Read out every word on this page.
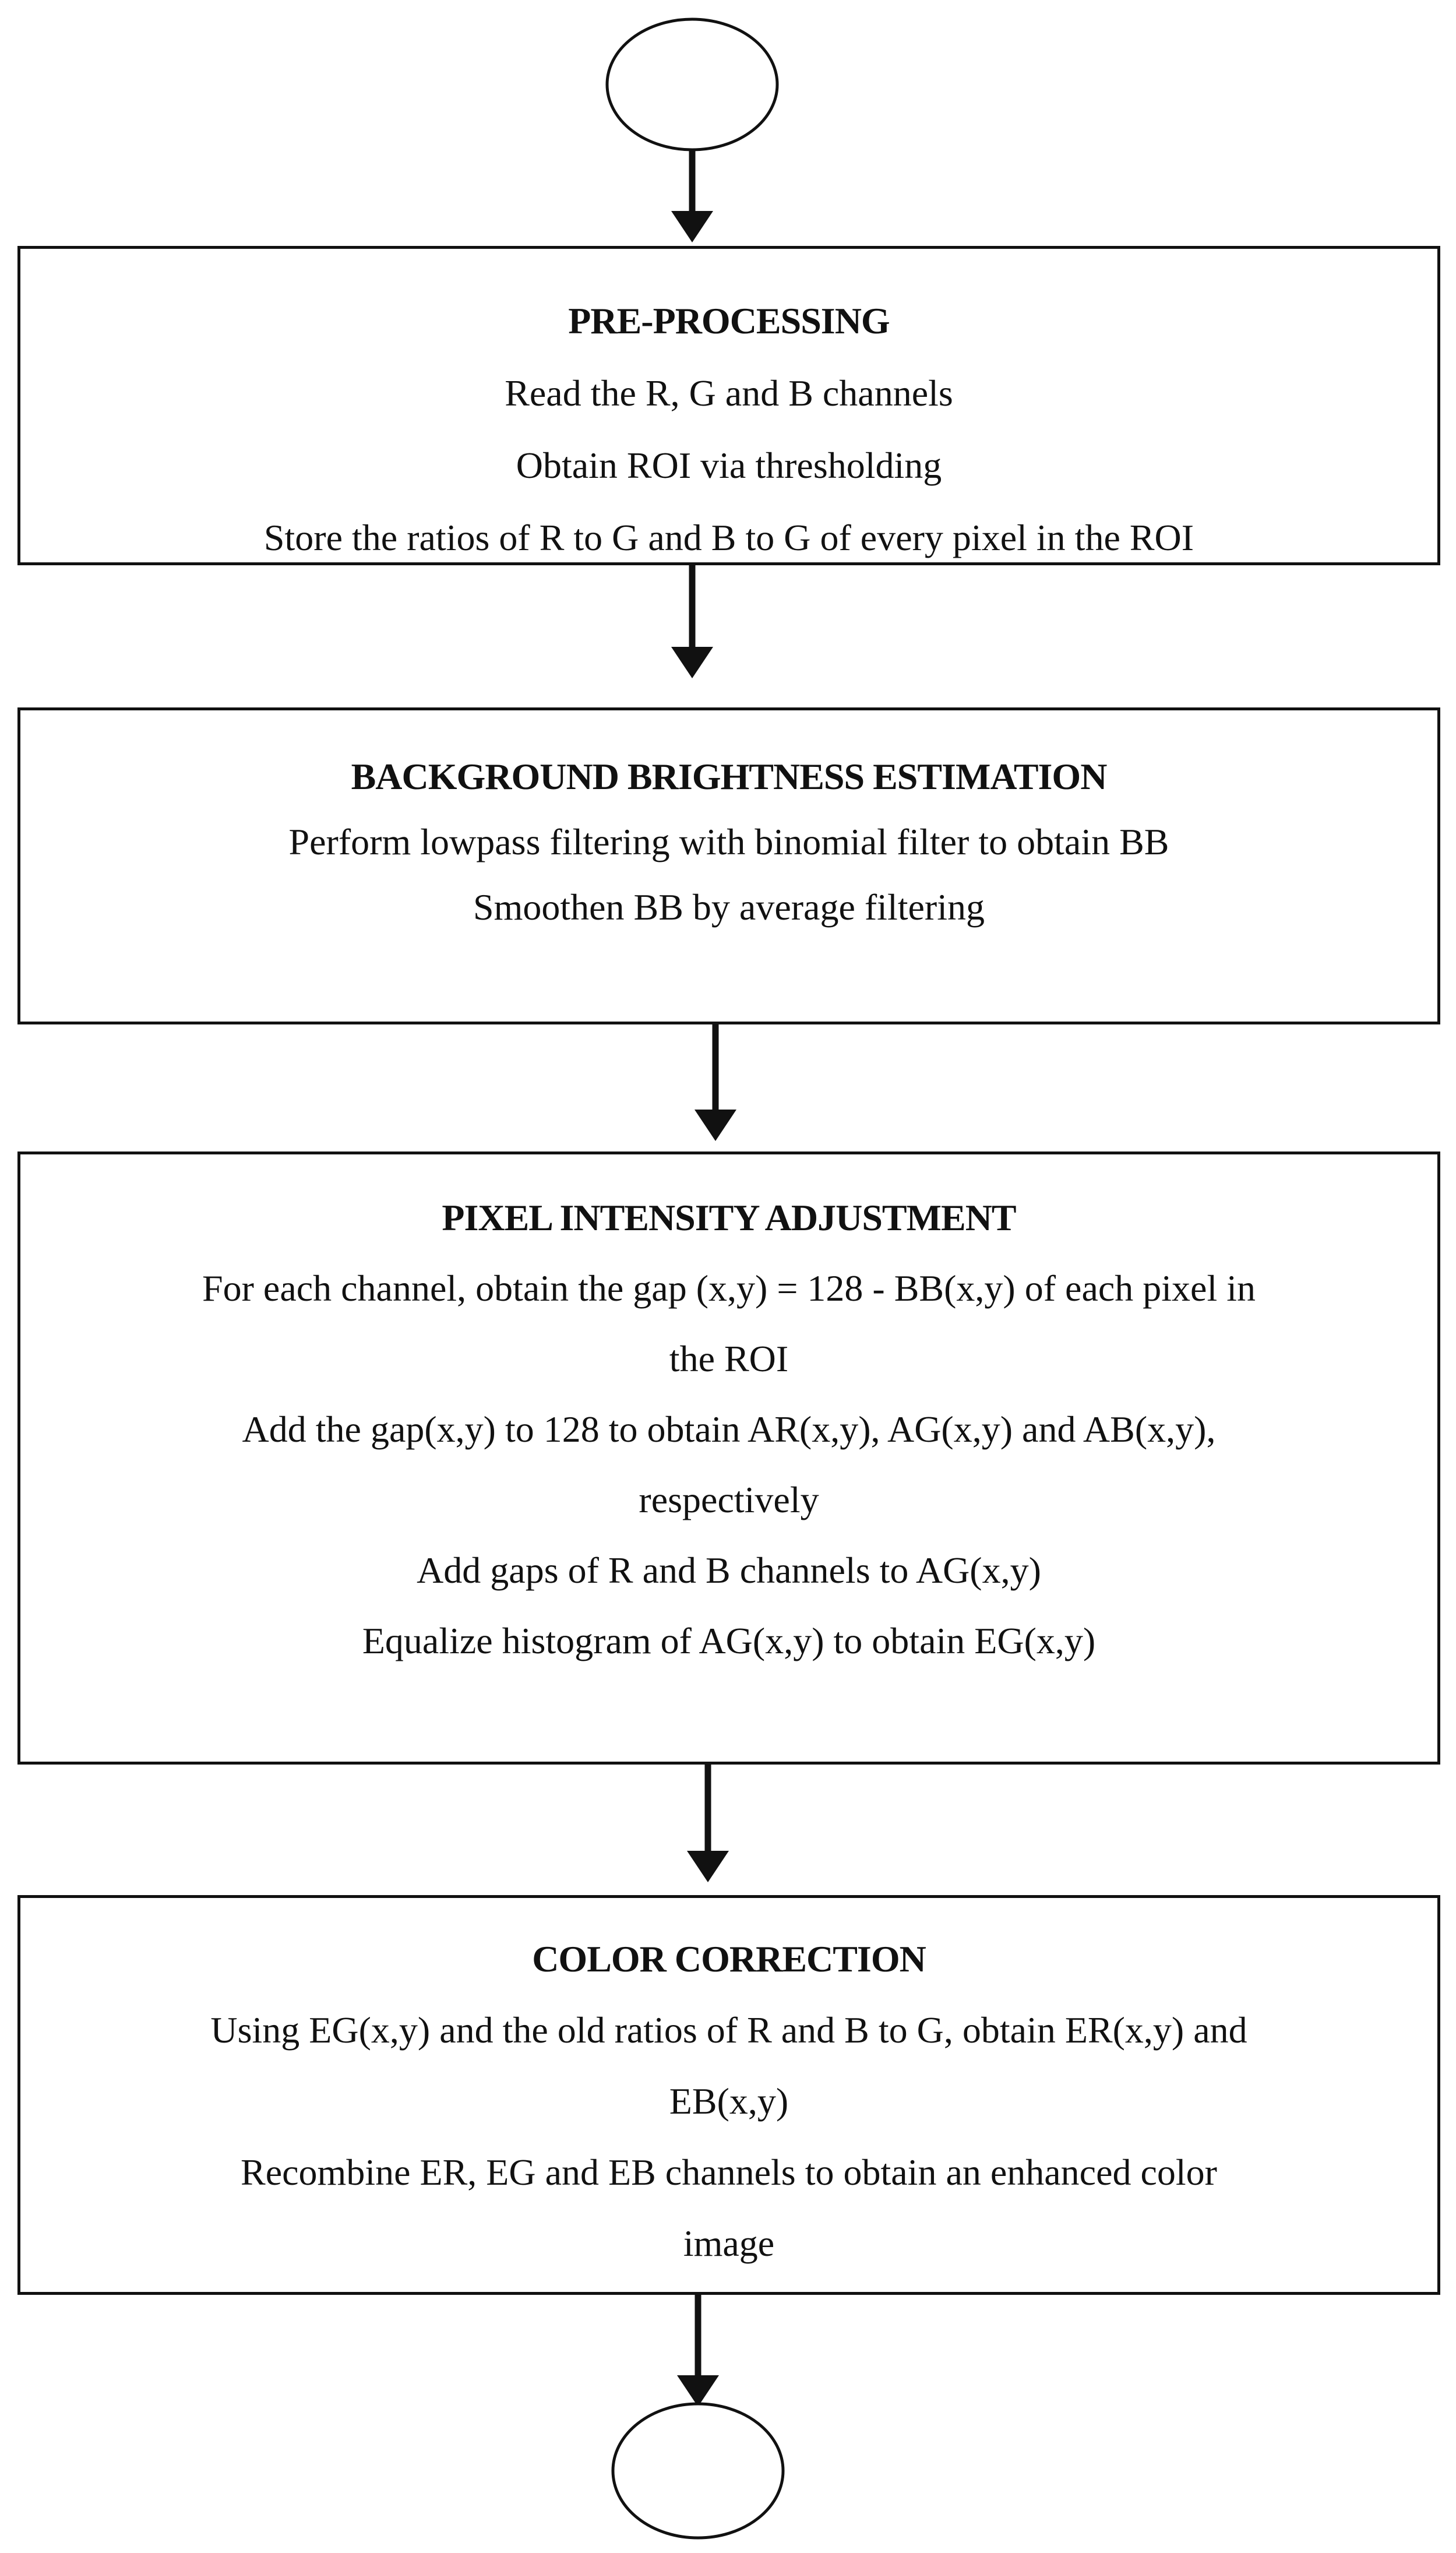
PRE-PROCESSING
Read the R, G and B channels
Obtain ROI via thresholding
Store the ratios of R to G and B to G of every pixel in the ROI
BACKGROUND BRIGHTNESS ESTIMATION
Perform lowpass filtering with binomial filter to obtain BB
Smoothen BB by average filtering
PIXEL INTENSITY ADJUSTMENT
For each channel, obtain the gap (x,y) = 128 - BB(x,y) of each pixel in
the ROI
Add the gap(x,y) to 128 to obtain AR(x,y), AG(x,y) and AB(x,y),
respectively
Add gaps of R and B channels to AG(x,y)
Equalize histogram of AG(x,y) to obtain EG(x,y)
COLOR CORRECTION
Using EG(x,y) and the old ratios of R and B to G, obtain ER(x,y) and
EB(x,y)
Recombine ER, EG and EB channels to obtain an enhanced color
image
